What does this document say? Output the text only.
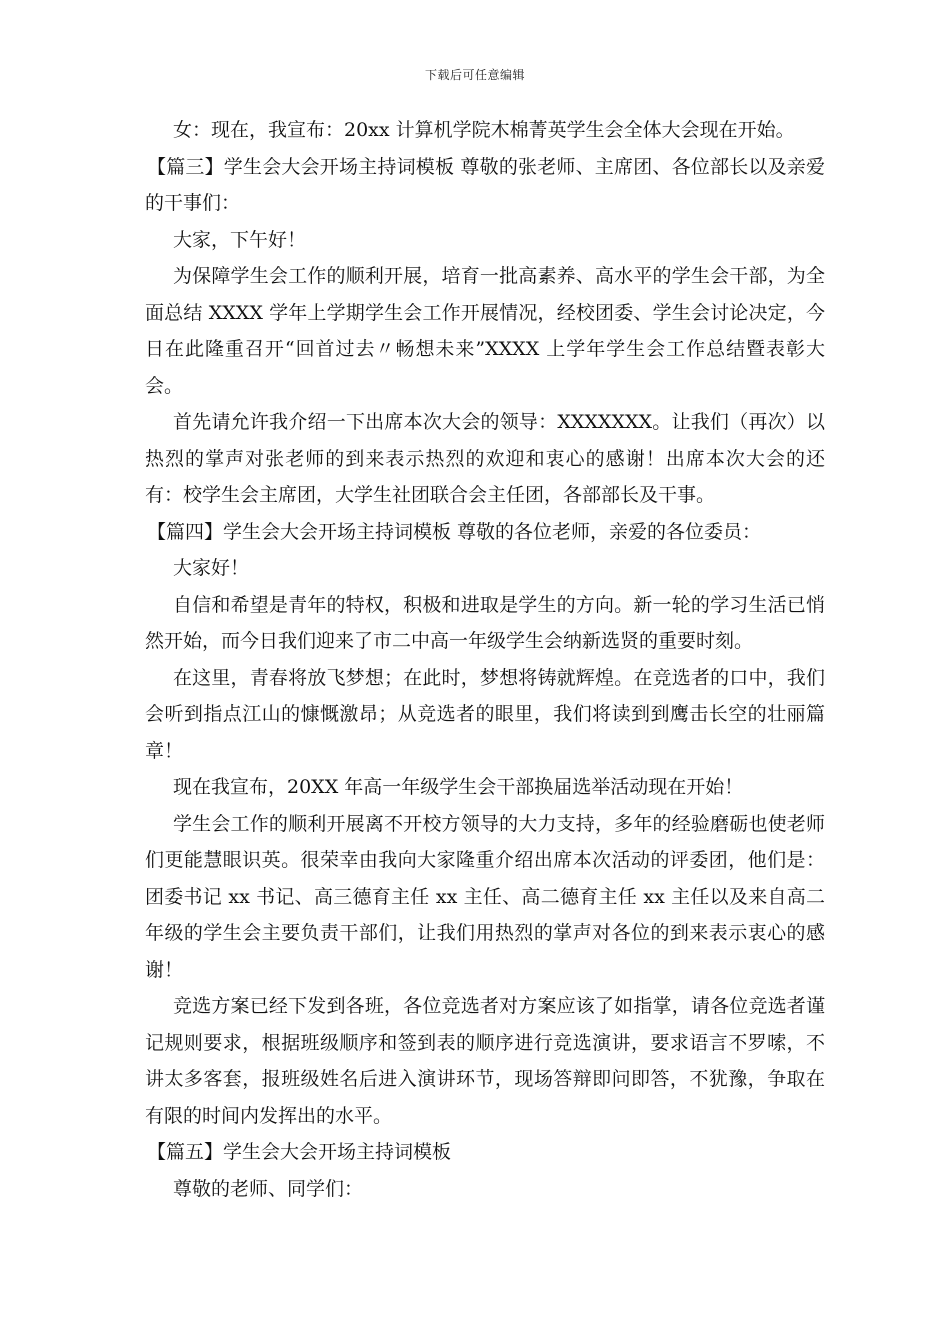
下载后可任意编辑

女：现在，我宣布：20xx 计算机学院木棉菁英学生会全体大会现在开始。

【篇三】学生会大会开场主持词模板 尊敬的张老师、主席团、各位部长以及亲爱的干事们：

大家，下午好！

为保障学生会工作的顺利开展，培育一批高素养、高水平的学生会干部，为全面总结 XXXX 学年上学期学生会工作开展情况，经校团委、学生会讨论决定，今日在此隆重召开“回首过去〃畅想未来”XXXX 上学年学生会工作总结暨表彰大会。

首先请允许我介绍一下出席本次大会的领导：XXXXXXX。让我们（再次）以热烈的掌声对张老师的到来表示热烈的欢迎和衷心的感谢！出席本次大会的还有：校学生会主席团，大学生社团联合会主任团，各部部长及干事。

【篇四】学生会大会开场主持词模板 尊敬的各位老师，亲爱的各位委员：

大家好！

自信和希望是青年的特权，积极和进取是学生的方向。新一轮的学习生活已悄然开始，而今日我们迎来了市二中高一年级学生会纳新选贤的重要时刻。

在这里，青春将放飞梦想；在此时，梦想将铸就辉煌。在竞选者的口中，我们会听到指点江山的慷慨激昂；从竞选者的眼里，我们将读到到鹰击长空的壮丽篇章！

现在我宣布，20XX 年高一年级学生会干部换届选举活动现在开始！

学生会工作的顺利开展离不开校方领导的大力支持，多年的经验磨砺也使老师们更能慧眼识英。很荣幸由我向大家隆重介绍出席本次活动的评委团，他们是：团委书记 xx 书记、高三德育主任 xx 主任、高二德育主任 xx 主任以及来自高二年级的学生会主要负责干部们，让我们用热烈的掌声对各位的到来表示衷心的感谢！

竞选方案已经下发到各班，各位竞选者对方案应该了如指掌，请各位竞选者谨记规则要求，根据班级顺序和签到表的顺序进行竞选演讲，要求语言不罗嗦，不讲太多客套，报班级姓名后进入演讲环节，现场答辩即问即答，不犹豫，争取在有限的时间内发挥出的水平。

【篇五】学生会大会开场主持词模板

尊敬的老师、同学们：
